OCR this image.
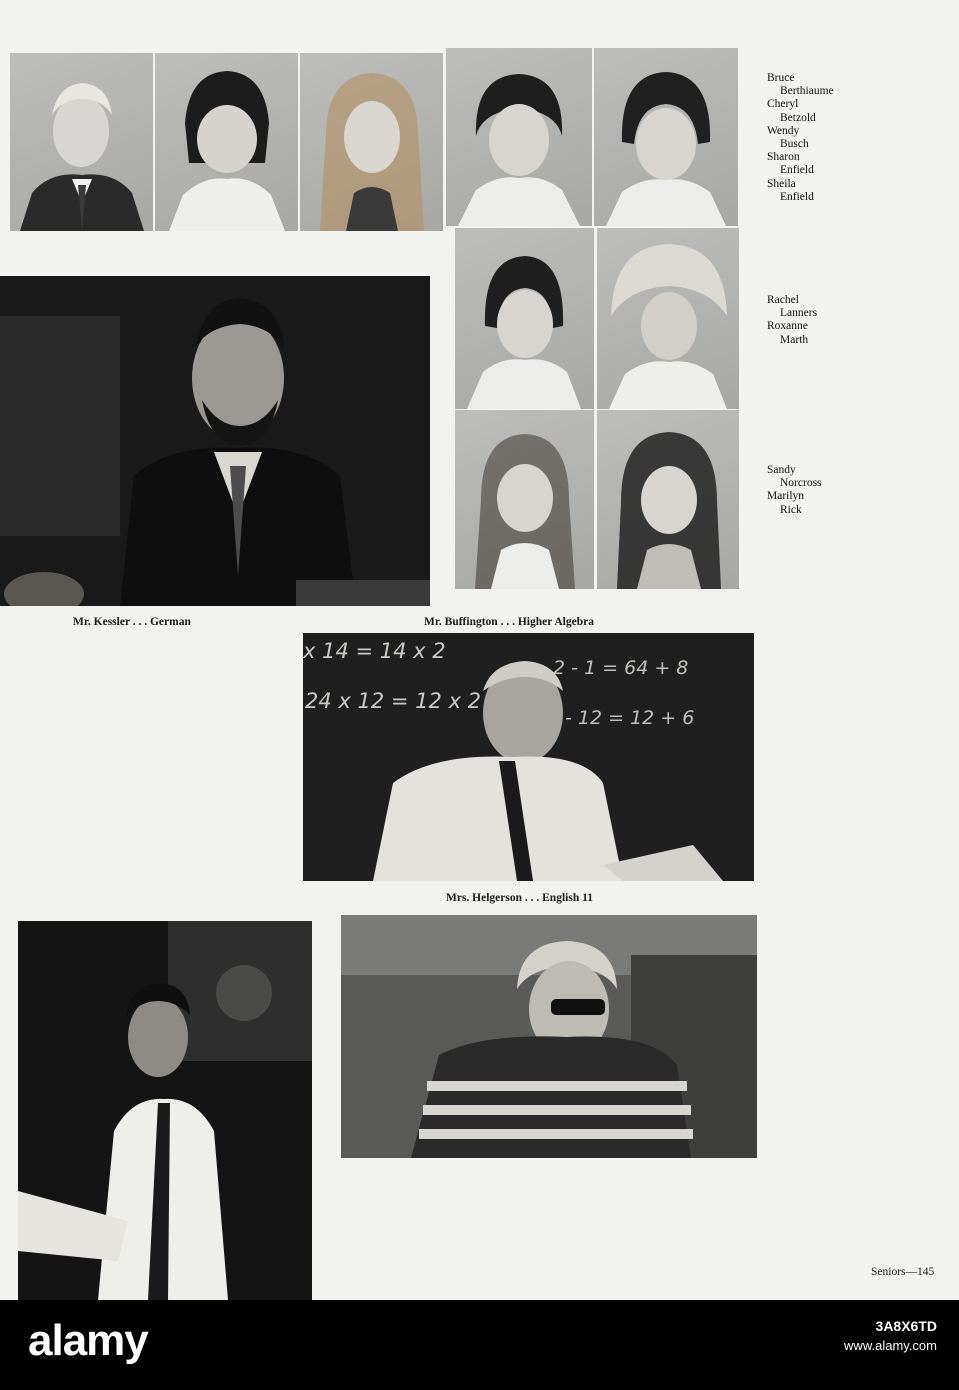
Bruce
Berthiaume
Cheryl
Betzold
Wendy
Busch
Sharon
Enfield
Sheila
Enfield
Rachel
Lanners
Roxanne
Marth
Sandy
Norcross
Marilyn
Rick
Mr. Kessler . . . German	Mr. Buffington . . . Higher Algebra
x 14 = 14 x 2
24 x 12 = 12 x 2
2 - 1 = 64 + 8
- 12 = 12 + 6
Mrs. Helgerson . . . English 11
Seniors—145
alamy	3A8X6TD
www.alamy.com
